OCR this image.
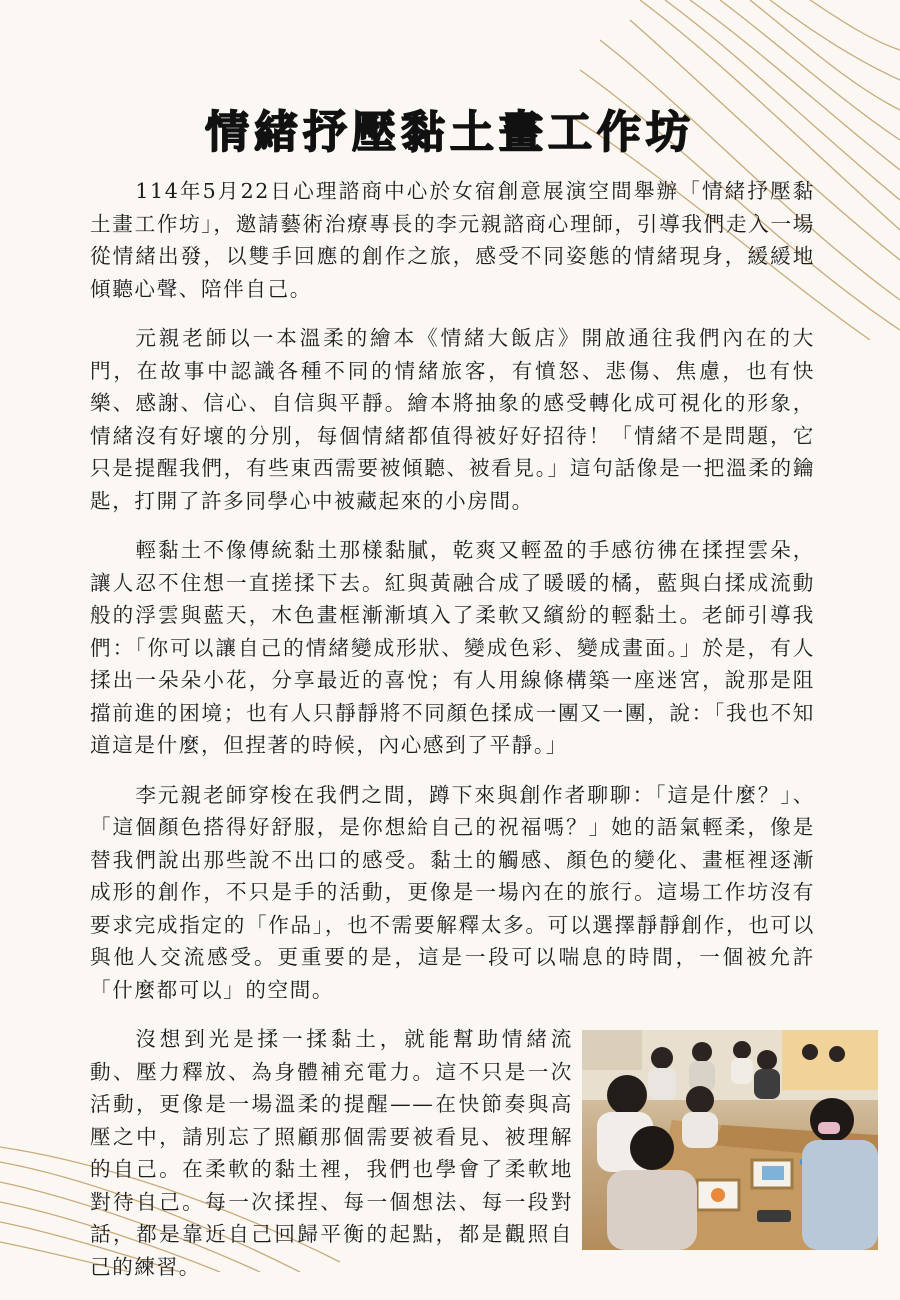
情緒抒壓黏土畫工作坊

114年5月22日心理諮商中心於女宿創意展演空間舉辦「情緒抒壓黏土畫工作坊」，邀請藝術治療專長的李元親諮商心理師，引導我們走入一場從情緒出發，以雙手回應的創作之旅，感受不同姿態的情緒現身，緩緩地傾聽心聲、陪伴自己。

元親老師以一本溫柔的繪本《情緒大飯店》開啟通往我們內在的大門，在故事中認識各種不同的情緒旅客，有憤怒、悲傷、焦慮，也有快樂、感謝、信心、自信與平靜。繪本將抽象的感受轉化成可視化的形象，情緒沒有好壞的分別，每個情緒都值得被好好招待！「情緒不是問題，它只是提醒我們，有些東西需要被傾聽、被看見。」這句話像是一把溫柔的鑰匙，打開了許多同學心中被藏起來的小房間。

輕黏土不像傳統黏土那樣黏膩，乾爽又輕盈的手感彷彿在揉捏雲朵，讓人忍不住想一直搓揉下去。紅與黃融合成了暖暖的橘，藍與白揉成流動般的浮雲與藍天，木色畫框漸漸填入了柔軟又繽紛的輕黏土。老師引導我們：「你可以讓自己的情緒變成形狀、變成色彩、變成畫面。」於是，有人揉出一朵朵小花，分享最近的喜悅；有人用線條構築一座迷宮，說那是阻擋前進的困境；也有人只靜靜將不同顏色揉成一團又一團，說：「我也不知道這是什麼，但捏著的時候，內心感到了平靜。」

李元親老師穿梭在我們之間，蹲下來與創作者聊聊：「這是什麼？」、「這個顏色搭得好舒服，是你想給自己的祝福嗎？」她的語氣輕柔，像是替我們說出那些說不出口的感受。黏土的觸感、顏色的變化、畫框裡逐漸成形的創作，不只是手的活動，更像是一場內在的旅行。這場工作坊沒有要求完成指定的「作品」，也不需要解釋太多。可以選擇靜靜創作，也可以與他人交流感受。更重要的是，這是一段可以喘息的時間，一個被允許「什麼都可以」的空間。

沒想到光是揉一揉黏土，就能幫助情緒流動、壓力釋放、為身體補充電力。這不只是一次活動，更像是一場溫柔的提醒——在快節奏與高壓之中，請別忘了照顧那個需要被看見、被理解的自己。在柔軟的黏土裡，我們也學會了柔軟地對待自己。每一次揉捏、每一個想法、每一段對話，都是靠近自己回歸平衡的起點，都是觀照自己的練習。
